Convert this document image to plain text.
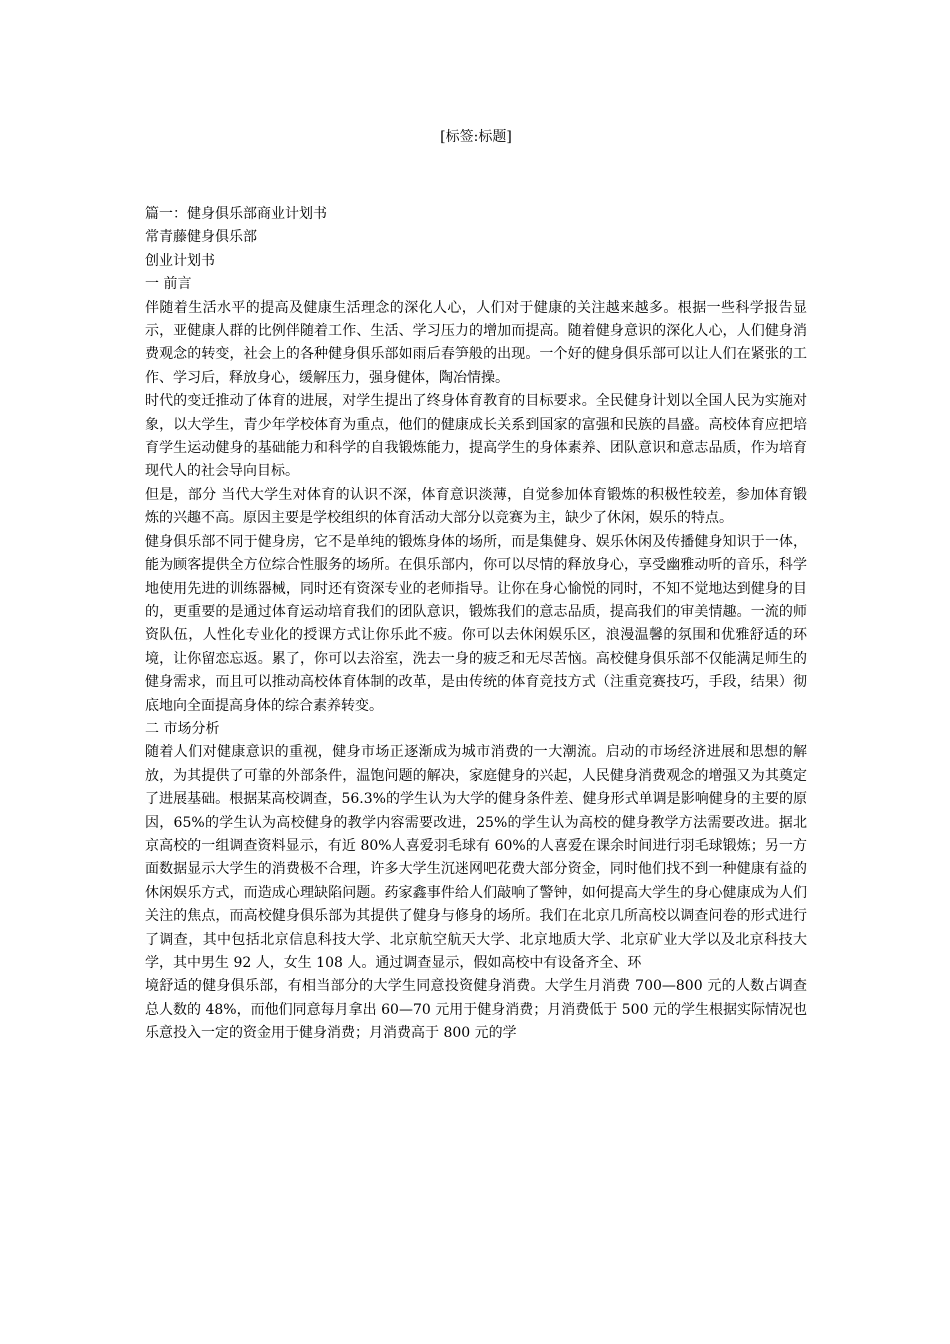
[标签:标题]

篇一：健身俱乐部商业计划书

常青藤健身俱乐部

创业计划书

一 前言

伴随着生活水平的提高及健康生活理念的深化人心，人们对于健康的关注越来越多。根据一些科学报告显示，亚健康人群的比例伴随着工作、生活、学习压力的增加而提高。随着健身意识的深化人心，人们健身消费观念的转变，社会上的各种健身俱乐部如雨后春笋般的出现。一个好的健身俱乐部可以让人们在紧张的工作、学习后，释放身心，缓解压力，强身健体，陶冶情操。

时代的变迁推动了体育的进展，对学生提出了终身体育教育的目标要求。全民健身计划以全国人民为实施对象，以大学生，青少年学校体育为重点，他们的健康成长关系到国家的富强和民族的昌盛。高校体育应把培育学生运动健身的基础能力和科学的自我锻炼能力，提高学生的身体素养、团队意识和意志品质，作为培育现代人的社会导向目标。

但是，部分 当代大学生对体育的认识不深，体育意识淡薄，自觉参加体育锻炼的积极性较差，参加体育锻炼的兴趣不高。原因主要是学校组织的体育活动大部分以竞赛为主，缺少了休闲，娱乐的特点。

健身俱乐部不同于健身房，它不是单纯的锻炼身体的场所，而是集健身、娱乐休闲及传播健身知识于一体，能为顾客提供全方位综合性服务的场所。在俱乐部内，你可以尽情的释放身心，享受幽雅动听的音乐，科学地使用先进的训练器械，同时还有资深专业的老师指导。让你在身心愉悦的同时，不知不觉地达到健身的目的，更重要的是通过体育运动培育我们的团队意识，锻炼我们的意志品质，提高我们的审美情趣。一流的师资队伍，人性化专业化的授课方式让你乐此不疲。你可以去休闲娱乐区，浪漫温馨的氛围和优雅舒适的环境，让你留恋忘返。累了，你可以去浴室，洗去一身的疲乏和无尽苦恼。高校健身俱乐部不仅能满足师生的健身需求，而且可以推动高校体育体制的改革，是由传统的体育竞技方式（注重竞赛技巧，手段，结果）彻底地向全面提高身体的综合素养转变。

二 市场分析

随着人们对健康意识的重视，健身市场正逐渐成为城市消费的一大潮流。启动的市场经济进展和思想的解放，为其提供了可靠的外部条件，温饱问题的解决，家庭健身的兴起，人民健身消费观念的增强又为其奠定了进展基础。根据某高校调查，56.3%的学生认为大学的健身条件差、健身形式单调是影响健身的主要的原因，65%的学生认为高校健身的教学内容需要改进，25%的学生认为高校的健身教学方法需要改进。据北京高校的一组调查资料显示，有近 80%人喜爱羽毛球有 60%的人喜爱在课余时间进行羽毛球锻炼；另一方面数据显示大学生的消费极不合理，许多大学生沉迷网吧花费大部分资金，同时他们找不到一种健康有益的休闲娱乐方式，而造成心理缺陷问题。药家鑫事件给人们敲响了警钟，如何提高大学生的身心健康成为人们关注的焦点，而高校健身俱乐部为其提供了健身与修身的场所。我们在北京几所高校以调查问卷的形式进行了调查，其中包括北京信息科技大学、北京航空航天大学、北京地质大学、北京矿业大学以及北京科技大学，其中男生 92 人，女生 108 人。通过调查显示，假如高校中有设备齐全、环

境舒适的健身俱乐部，有相当部分的大学生同意投资健身消费。大学生月消费 700—800 元的人数占调查总人数的 48%，而他们同意每月拿出 60—70 元用于健身消费；月消费低于 500 元的学生根据实际情况也乐意投入一定的资金用于健身消费；月消费高于 800 元的学
